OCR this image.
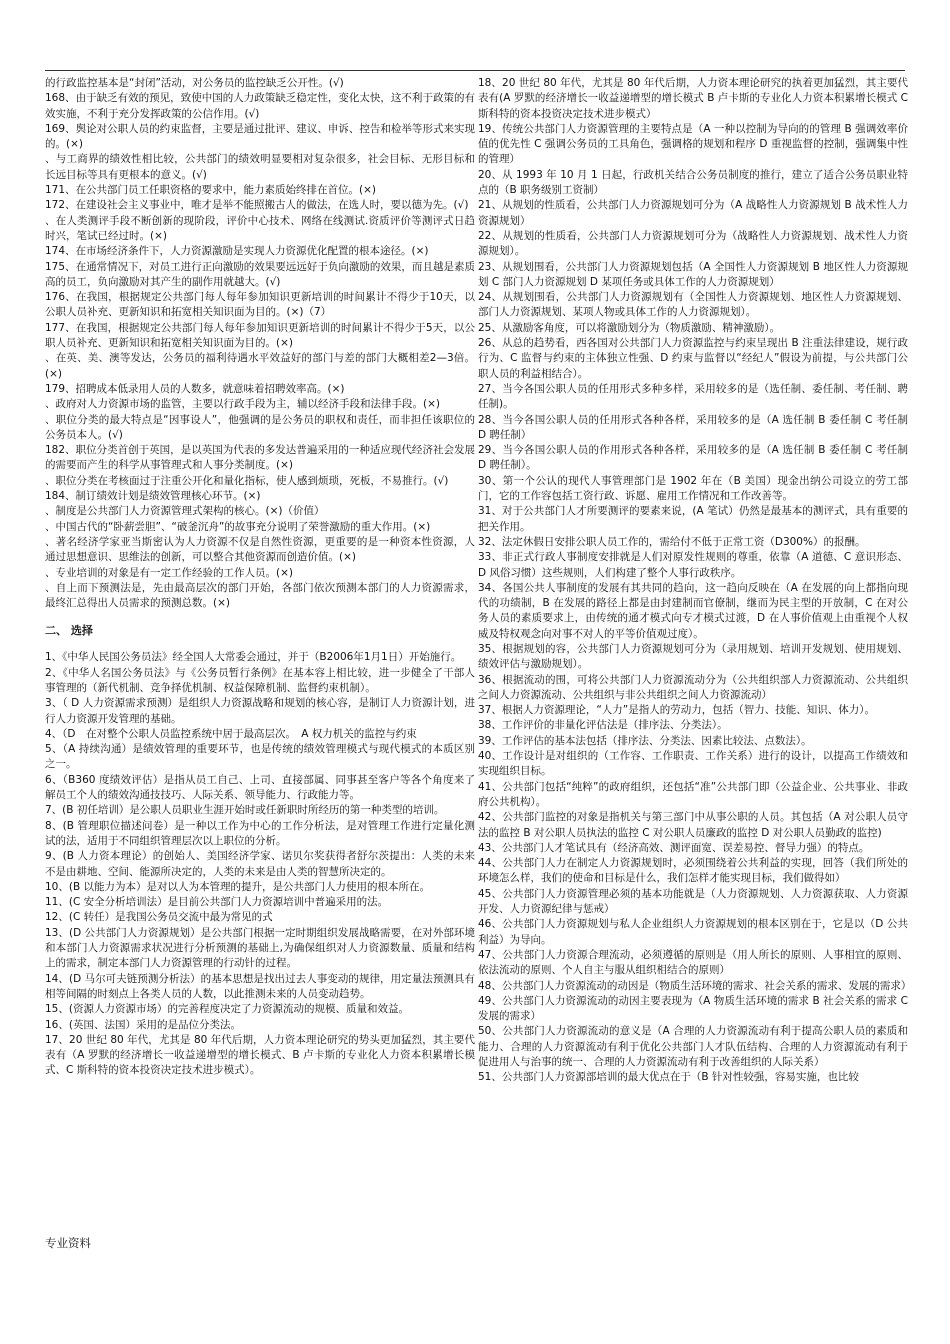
的行政监控基本是“封闭”活动，对公务员的监控缺乏公开性。(√)

168、由于缺乏有效的预见，致使中国的人力政策缺乏稳定性，变化太快，这不利于政策的有效实施，不利于充分发挥政策的公信作用。(√)

169、舆论对公职人员的约束监督，主要是通过批评、建议、申诉、控告和检举等形式来实现的。(×)

、与工商界的绩效性相比较，公共部门的绩效明显要相对复杂很多，社会目标、无形目标和长远目标等具有更根本的意义。(√)

171、在公共部门员工任职资格的要求中，能力素质始终排在首位。(×)

172、在建设社会主义事业中，唯才是举不能照搬古人的做法，在选人时，要以德为先。(√)

、在人类测评手段不断创新的现阶段，评价中心技术、网络在线测试.资质评价等测评式日趋时兴，笔试已经过时。(×)

174、在市场经济条件下，人力资源激励是实现人力资源优化配置的根本途径。(×)

175、在通常情况下，对员工进行正向激励的效果要远远好于负向激励的效果，而且越是素质高的员工，负向激励对其产生的副作用就越大。(√)

176、在我国，根据规定公共部门每人每年参加知识更新培训的时间累计不得少于10天，以公职人员补充、更新知识和拓宽相关知识面为目的。(×)（7）

177、在我国，根据规定公共部门每人每年参加知识更新培训的时间累计不得少于5天，以公职人员补充、更新知识和拓宽相关知识面为目的。(×)

、在英、美、澳等发达，公务员的福利待遇水平效益好的部门与差的部门大概相差2—3倍。(×)

179、招聘成本低录用人员的人数多，就意味着招聘效率高。(×)

、政府对人力资源市场的监管，主要以行政手段为主，辅以经济手段和法律手段。(×)

、职位分类的最大特点是“因事设人”，他强调的是公务员的职权和责任，而非担任该职位的公务员本人。(√)

182、职位分类首创于英国，是以英国为代表的多发达普遍采用的一种适应现代经济社会发展的需要而产生的科学从事管理式和人事分类制度。(×)

、职位分类在考核面过于注重公开化和量化指标，使人感到烦琐，死板，不易推行。(√)

184、制订绩效计划是绩效管理核心环节。(×)

、制度是公共部门人力资源管理式架构的核心。(×)（价值）

、中国古代的“卧薪尝胆”、“破釜沉舟”的故事充分说明了荣誉激励的重大作用。(×)

、著名经济学家亚当斯密认为人力资源不仅是自然性资源，更重要的是一种资本性资源，人通过思想意识、思维法的创新，可以整合其他资源而创造价值。(×)

、专业培训的对象是有一定工作经验的工作人员。(×)

、自上而下预测法是，先由最高层次的部门开始，各部门依次预测本部门的人力资源需求，最终汇总得出人员需求的预测总数。(×)

二、 选择

1、《中华人民国公务员法》经全国人大常委会通过，并于（B2006年1月1日）开始施行。

2、《中华人名国公务员法》与《公务员暂行条例》在基本容上相比较，进一步健全了干部人事管理的（新代机制、竞争择优机制、权益保障机制、监督约束机制）。

3、（ D 人力资源需求预测）是组织人力资源战略和规划的核心容，是制订人力资源计划，进行人力资源开发管理的基础。

4、（D　在对整个公职人员监控系统中居于最高层次。　A 权力机关的监控与约束

5、（A 持续沟通）是绩效管理的重要环节，也是传统的绩效管理模式与现代模式的本质区别之一。

6、（B360 度绩效评估）是指从员工自己、上司、直接部属、同事甚至客户等各个角度来了解员工个人的绩效沟通技技巧、人际关系、领导能力、行政能力等。

7、(B 初任培训）是公职人员职业生涯开始时或任新职时所经历的第一种类型的培训。

8、(B 管理职位描述问卷）是一种以工作为中心的工作分析法，是对管理工作进行定量化测试的法，适用于不同组织管理层次以上职位的分析。

9、(B 人力资本理论）的创始人、美国经济学家、诺贝尔奖获得者舒尔茨提出：人类的未来不是由耕地、空间、能源所决定的，人类的未来是由人类的智慧所决定的。

10、(B 以能力为本）是对以人为本管理的提升，是公共部门人力使用的根本所在。

11、(C 安全分析培训法）是目前公共部门人力资源培训中普遍采用的法。

12、(C 转任）是我国公务员交流中最为常见的式

13、(D 公共部门人力资源规划）是公共部门根据一定时期组织发展战略需要，在对外部环境和本部门人力资源需求状况进行分析预测的基础上,为确保组织对人力资源数量、质量和结构上的需求，制定本部门人力资源管理的行动针的过程。

14、(D 马尔可夫链预测分析法）的基本思想是找出过去人事变动的规律，用定量法预测具有相等间隔的时刻点上各类人员的人数，以此推测未来的人员变动趋势。

15、(资源人力资源市场）的完善程度决定了力资源流动的规模、质量和效益。

16、(英国、法国）采用的是品位分类法。

17、20 世纪 80 年代，尤其是 80 年代后期，人力资本理论研究的势头更加猛烈，其主要代表有（A 罗默的经济增长一收益递增型的增长模式、B 卢卡斯的专业化人力资本积累增长模式、C 斯科特的资本投资决定技术进步模式）。

18、20 世纪 80 年代，尤其是 80 年代后期，人力资本理论研究的执着更加猛烈，其主要代表有(A 罗默的经济增长一收益递增型的增长模式 B 卢卡斯的专业化人力资本积累增长模式 C 斯科特的资本投资决定技术进步模式）

19、传统公共部门人力资源管理的主要特点是（A 一种以控制为导向的的管理 B 强调效率价值的优先性 C 强调公务员的工具角色，强调格的规划和程序 D 重视监督的控制，强调集中性的管理）

20、从 1993 年 10 月 1 日起，行政机关结合公务员制度的推行，建立了适合公务员职业特点的（B 职务级别工资制）

21、从规划的性质看，公共部门人力资源规划可分为（A 战略性人力资源规划 B 战术性人力资源规划）

22、从规划的性质看，公共部门人力资源规划可分为（战略性人力资源规划、战术性人力资源规划）。

23、从规划围看，公共部门人力资源规划包括（A 全国性人力资源规划 B 地区性人力资源规划 C 部门人力资源规划 D 某项任务或具体工作的人力资源规划）

24、从规划围看，公共部门人力资源规划有（全国性人力资源规划、地区性人力资源规划、部门人力资源规划、某项人物或具体工作的人力资源规划）。

25、从激励客角度，可以将激励划分为（物质激励、精神激励）。

26、从总的趋势看，西各国对公共部门人力资源监控与约束呈现出 B 注重法律建设，规行政行为、C 监督与约束的主体独立性强、D 约束与监督以“经纪人”假设为前提，与公共部门公职人员的利益相结合）。

27、当今各国公职人员的任用形式多种多样，采用较多的是（选任制、委任制、考任制、聘任制)。

28、当今各国公职人员的任用形式各种各样，采用较多的是（A 选任制 B 委任制 C 考任制 D 聘任制）

29、当今各国公职人员的作用形式各种各样，采用较多的是（A 选任制 B 委任制 C 考任制 D 聘任制）。

30、第一个公认的现代人事管理部门是 1902 年在（B 美国）现金出纳公司设立的劳工部门，它的工作容包括工资行政、诉愿、雇用工作情况和工作改善等。

31、对于公共部门人才所要测评的要素来说，(A 笔试）仍然是最基本的测评式，具有重要的把关作用。

32、法定休假日安排公职人员工作的，需给付不低于正常工资（D300%）的报酬。

33、非正式行政人事制度安排就是人们对原发性规则的尊重，依靠（A 道德、C 意识形态、D 风俗习惯）这些规则，人们构建了整个人事行政秩序。

34、各国公共人事制度的发展有其共同的趋向，这一趋向反映在（A 在发展的向上都指向现代的功绩制，B 在发展的路径上都是由封建制而官僚制，继而为民主型的开放制，C 在对公务人员的素质要求上，由传统的通才模式向专才模式过渡，D 在人事价值观上由重视个人权威及特权观念向对事不对人的平等价值观过度）。

35、根据规划的容，公共部门人力资源规划可分为（录用规划、培训开发规划、使用规划、绩效评估与激励规划）。

36、根据流动的围，可将公共部门人力资源流动分为（公共组织部人力资源流动、公共组织之间人力资源流动、公共组织与非公共组织之间人力资源流动）

37、根据人力资源理论，“人力”是指人的劳动力，包括（智力、技能、知识、体力）。

38、工作评价的非量化评估法是（排序法、分类法）。

39、工作评估的基本法包括（排序法、分类法、因素比较法、点数法）。

40、工作设计是对组织的（工作容、工作职责、工作关系）进行的设计，以提高工作绩效和实现组织目标。

41、公共部门包括“纯粹”的政府组织，还包括“准”公共部门即（公益企业、公共事业、非政府公共机构）。

42、公共部门监控的对象是指机关与第三部门中从事公职的人员。其包括（A 对公职人员守法的监控 B 对公职人员执法的监控 C 对公职人员廉政的监控 D 对公职人员勤政的监控)

43、公共部门人才笔试具有（经济高效、测评面宽、误差易控、督导力强）的特点。

44、公共部门人力在制定人力资源规划时，必须围绕着公共利益的实现，回答（我们所处的环境怎么样，我们的使命和目标是什么，我们怎样才能实现目标，我们做得如）

45、公共部门人力资源管理必须的基本功能就是（人力资源规划、人力资源获取、人力资源开发、人力资源纪律与惩戒）

46、公共部门人力资源规划与私人企业组织人力资源规划的根本区别在于，它是以（D 公共利益）为导向。

47、公共部门人力资源合理流动，必须遵循的原则是（用人所长的原则、人事相宜的原则、依法流动的原则、个人自主与服从组织相结合的原则）

48、公共部门人力资源流动的动因是（物质生活环境的需求、社会关系的需求、发展的需求）

49、公共部门人力资源流动的动因主要表现为（A 物质生活环境的需求 B 社会关系的需求 C 发展的需求）

50、公共部门人力资源流动的意义是（A 合理的人力资源流动有利于提高公职人员的素质和能力、合理的人力资源流动有利于优化公共部门人才队伍结构、合理的人力资源流动有利于促进用人与治事的统一、合理的人力资源流动有利于改善组织的人际关系）

51、公共部门人力资源部培训的最大优点在于（B 针对性较强，容易实施，也比较

专业资料
